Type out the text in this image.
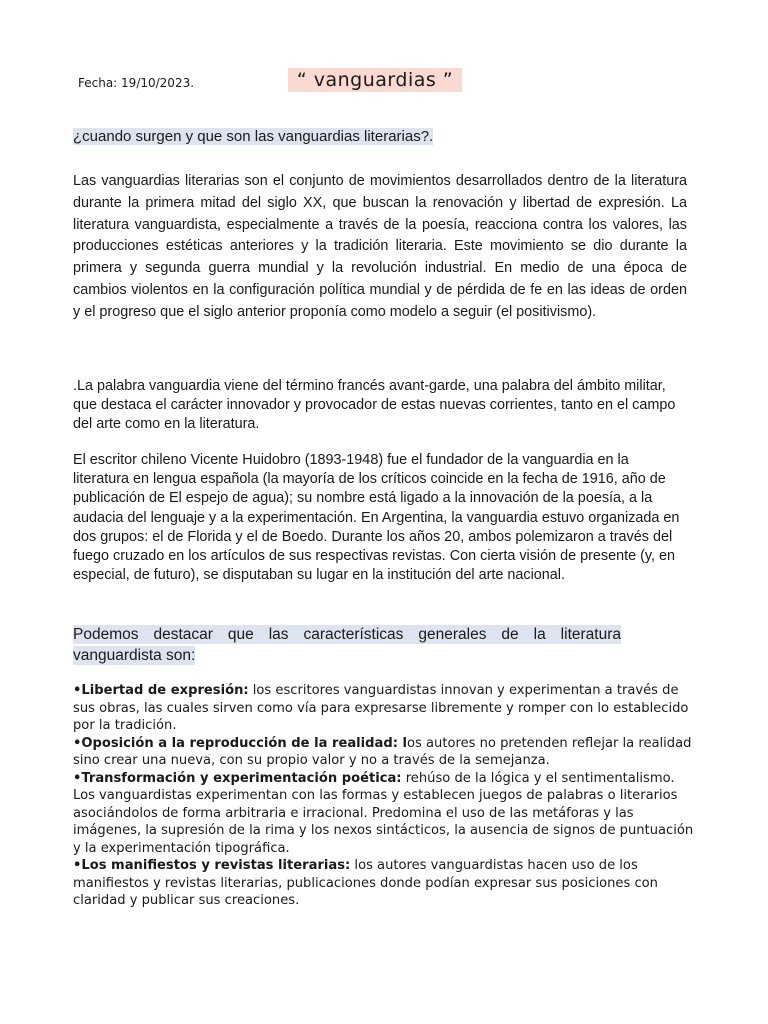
Fecha: 19/10/2023.	“ vanguardias ”
¿cuando surgen y que son las vanguardias literarias?.

Las vanguardias literarias son el conjunto de movimientos desarrollados dentro de la literatura durante la primera mitad del siglo XX, que buscan la renovación y libertad de expresión. La literatura vanguardista, especialmente a través de la poesía, reacciona contra los valores, las producciones estéticas anteriores y la tradición literaria. Este movimiento se dio durante la primera y segunda guerra mundial y la revolución industrial. En medio de una época de cambios violentos en la configuración política mundial y de pérdida de fe en las ideas de orden y el progreso que el siglo anterior proponía como modelo a seguir (el positivismo).

.La palabra vanguardia viene del término francés avant-garde, una palabra del ámbito militar, que destaca el carácter innovador y provocador de estas nuevas corrientes, tanto en el campo del arte como en la literatura.

El escritor chileno Vicente Huidobro (1893-1948) fue el fundador de la vanguardia en la literatura en lengua española (la mayoría de los críticos coincide en la fecha de 1916, año de publicación de El espejo de agua); su nombre está ligado a la innovación de la poesía, a la audacia del lenguaje y a la experimentación. En Argentina, la vanguardia estuvo organizada en dos grupos: el de Florida y el de Boedo. Durante los años 20, ambos polemizaron a través del fuego cruzado en los artículos de sus respectivas revistas. Con cierta visión de presente (y, en especial, de futuro), se disputaban su lugar en la institución del arte nacional.

Podemos destacar que las características generales de la literatura vanguardista son:

•Libertad de expresión: los escritores vanguardistas innovan y experimentan a través de sus obras, las cuales sirven como vía para expresarse libremente y romper con lo establecido por la tradición.

•Oposición a la reproducción de la realidad: los autores no pretenden reflejar la realidad sino crear una nueva, con su propio valor y no a través de la semejanza.

•Transformación y experimentación poética: rehúso de la lógica y el sentimentalismo. Los vanguardistas experimentan con las formas y establecen juegos de palabras o literarios asociándolos de forma arbitraria e irracional. Predomina el uso de las metáforas y las imágenes, la supresión de la rima y los nexos sintácticos, la ausencia de signos de puntuación y la experimentación tipográfica.

•Los manifiestos y revistas literarias: los autores vanguardistas hacen uso de los manifiestos y revistas literarias, publicaciones donde podían expresar sus posiciones con claridad y publicar sus creaciones.
